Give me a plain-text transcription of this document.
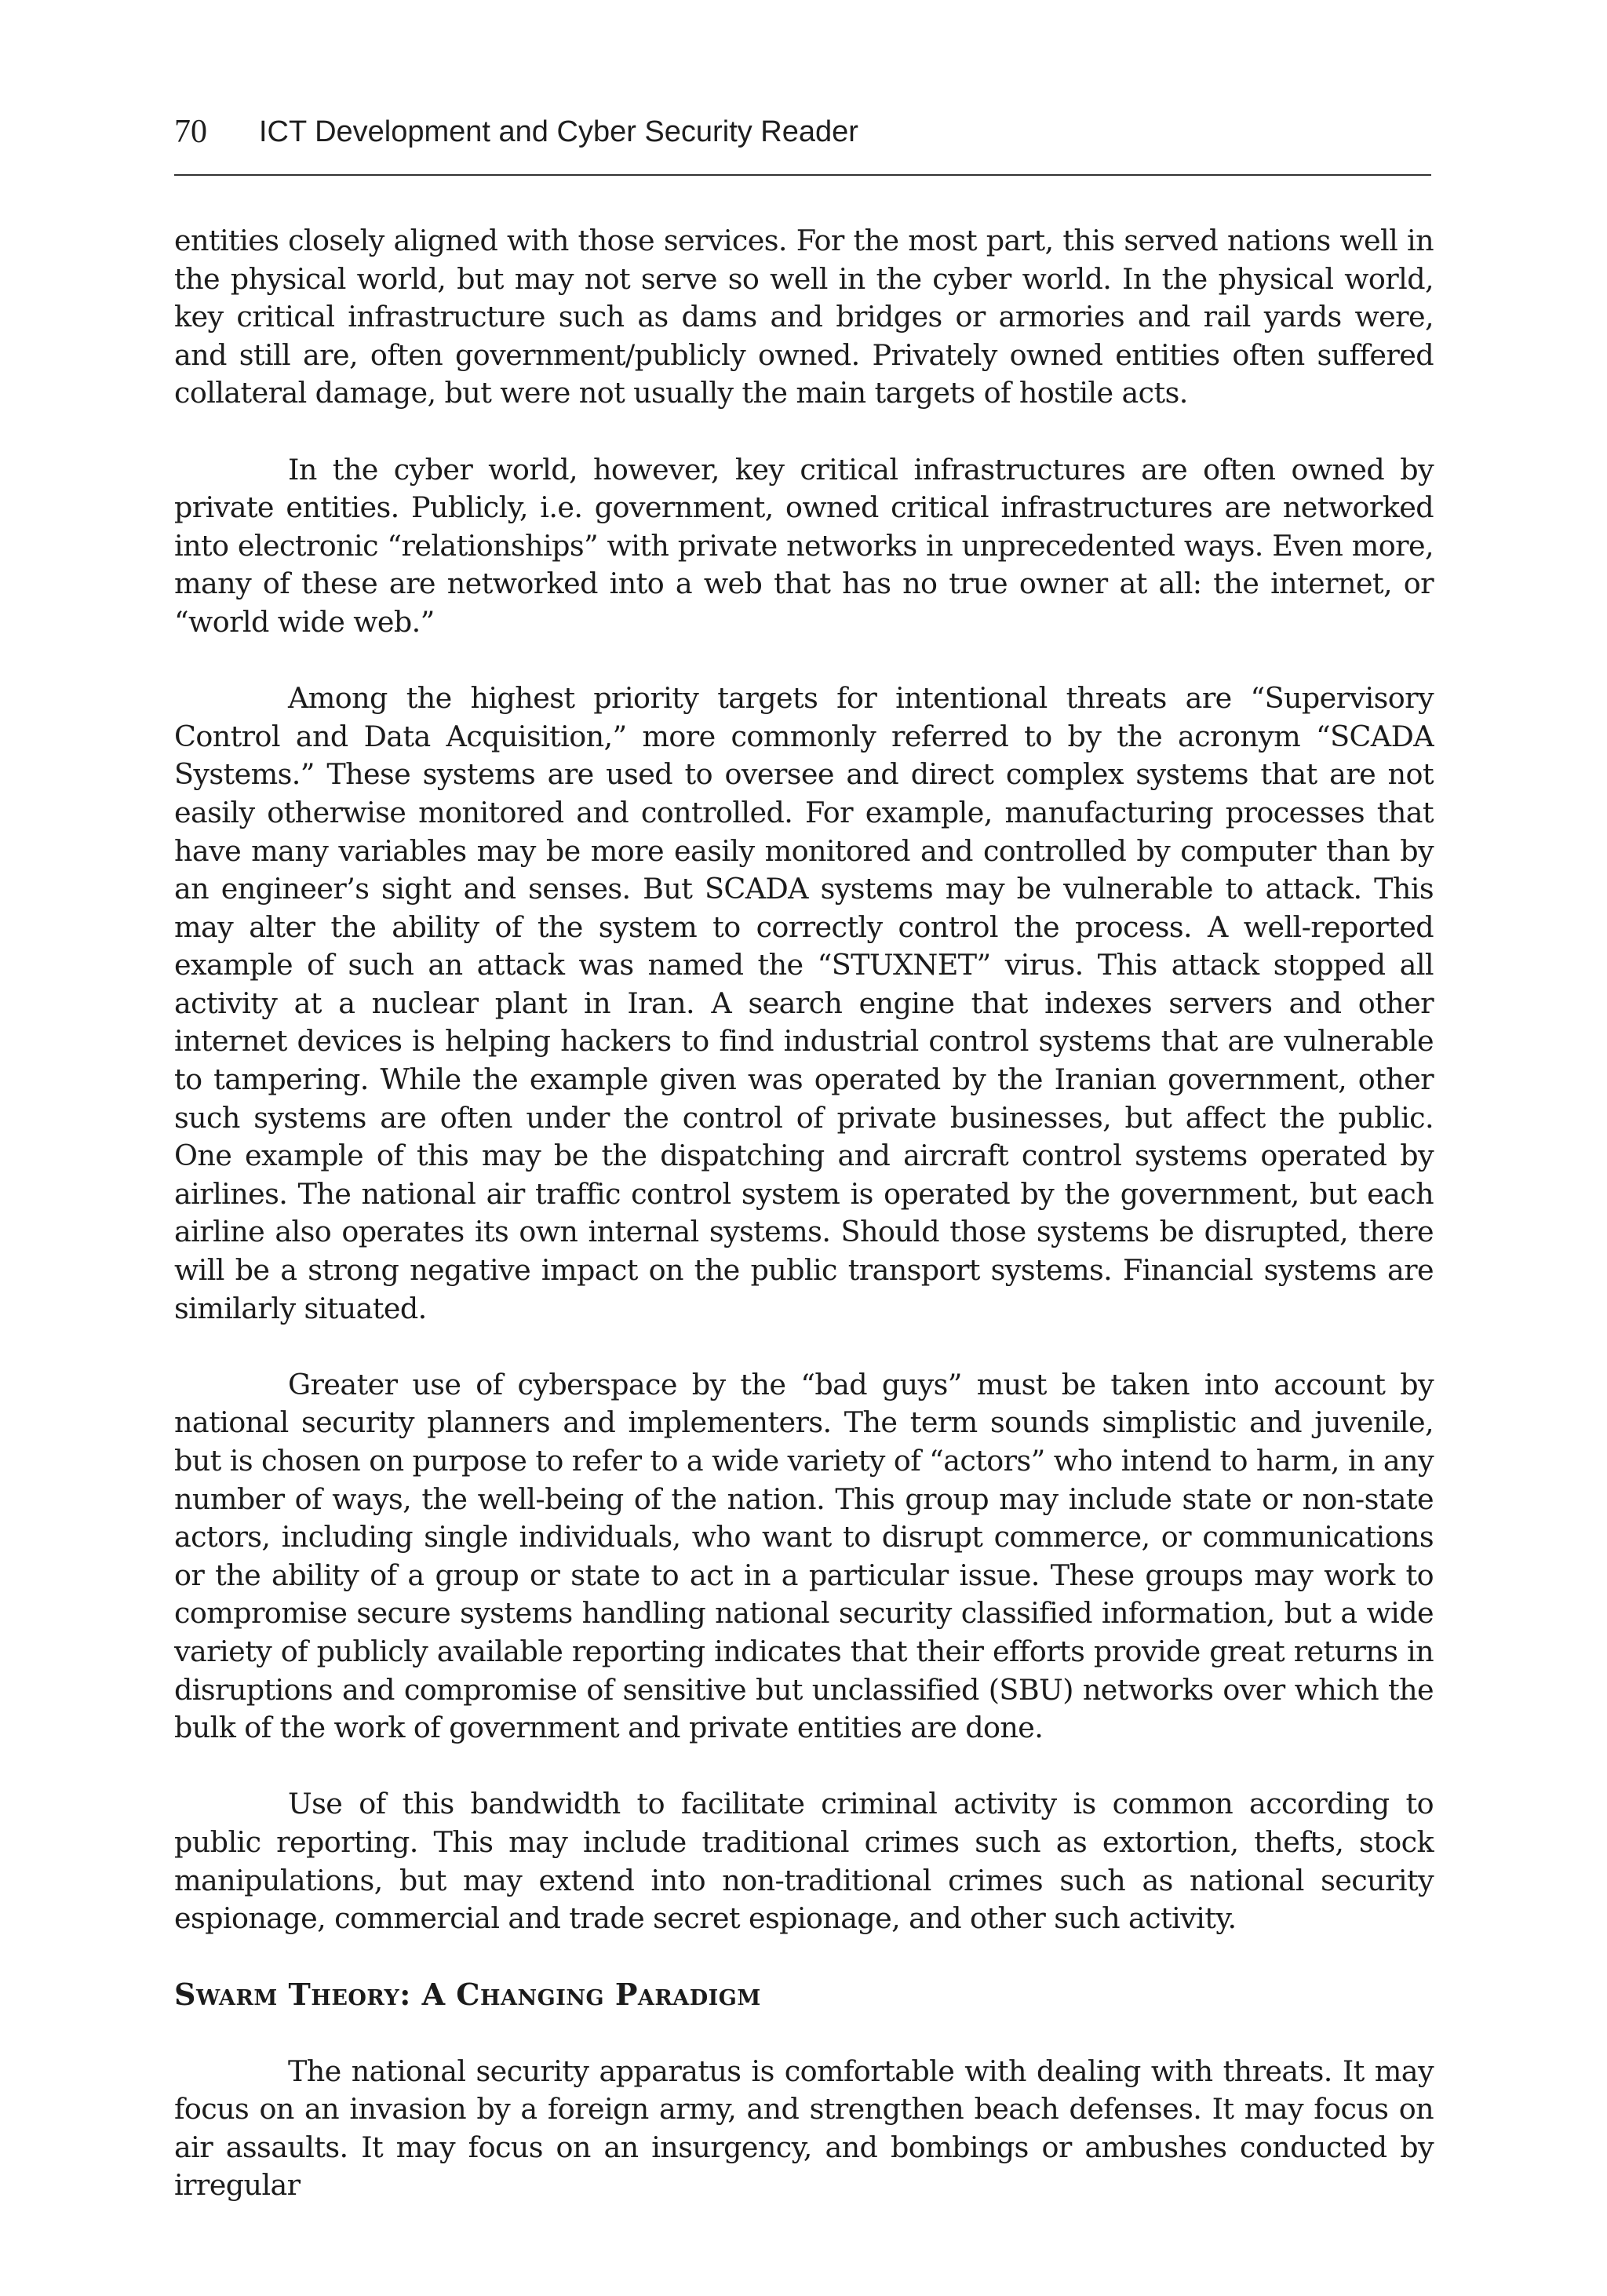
70 ICT Development and Cyber Security Reader

entities closely aligned with those services. For the most part, this served nations well in the physical world, but may not serve so well in the cyber world. In the physical world, key critical infrastructure such as dams and bridges or armories and rail yards were, and still are, often government/publicly owned. Privately owned entities often suffered collateral damage, but were not usually the main targets of hostile acts.

In the cyber world, however, key critical infrastructures are often owned by private entities. Publicly, i.e. government, owned critical infrastructures are networked into electronic “relationships” with private networks in unprecedented ways. Even more, many of these are networked into a web that has no true owner at all: the internet, or “world wide web.”

Among the highest priority targets for intentional threats are “Supervisory Control and Data Acquisition,” more commonly referred to by the acronym “SCADA Systems.” These systems are used to oversee and direct complex systems that are not easily otherwise monitored and controlled. For example, manufacturing processes that have many variables may be more easily monitored and controlled by computer than by an engineer’s sight and senses. But SCADA systems may be vulnerable to attack. This may alter the ability of the system to correctly control the process. A well-reported example of such an attack was named the “STUXNET” virus. This attack stopped all activity at a nuclear plant in Iran. A search engine that indexes servers and other internet devices is helping hackers to find industrial control systems that are vulnerable to tampering. While the example given was operated by the Iranian government, other such systems are often under the control of private businesses, but affect the public. One example of this may be the dispatching and aircraft control systems operated by airlines. The national air traffic control system is operated by the government, but each airline also operates its own internal systems. Should those systems be disrupted, there will be a strong negative impact on the public transport systems. Financial systems are similarly situated.

Greater use of cyberspace by the “bad guys” must be taken into account by national security planners and implementers. The term sounds simplistic and juvenile, but is chosen on purpose to refer to a wide variety of “actors” who intend to harm, in any number of ways, the well-being of the nation. This group may include state or non-state actors, including single individuals, who want to disrupt commerce, or communications or the ability of a group or state to act in a particular issue. These groups may work to compromise secure systems handling national security classified information, but a wide variety of publicly available reporting indicates that their efforts provide great returns in disruptions and compromise of sensitive but unclassified (SBU) networks over which the bulk of the work of government and private entities are done.

Use of this bandwidth to facilitate criminal activity is common according to public reporting. This may include traditional crimes such as extortion, thefts, stock manipulations, but may extend into non-traditional crimes such as national security espionage, commercial and trade secret espionage, and other such activity.

Swarm Theory: A Changing Paradigm

The national security apparatus is comfortable with dealing with threats. It may focus on an invasion by a foreign army, and strengthen beach defenses. It may focus on air assaults. It may focus on an insurgency, and bombings or ambushes conducted by irregular
